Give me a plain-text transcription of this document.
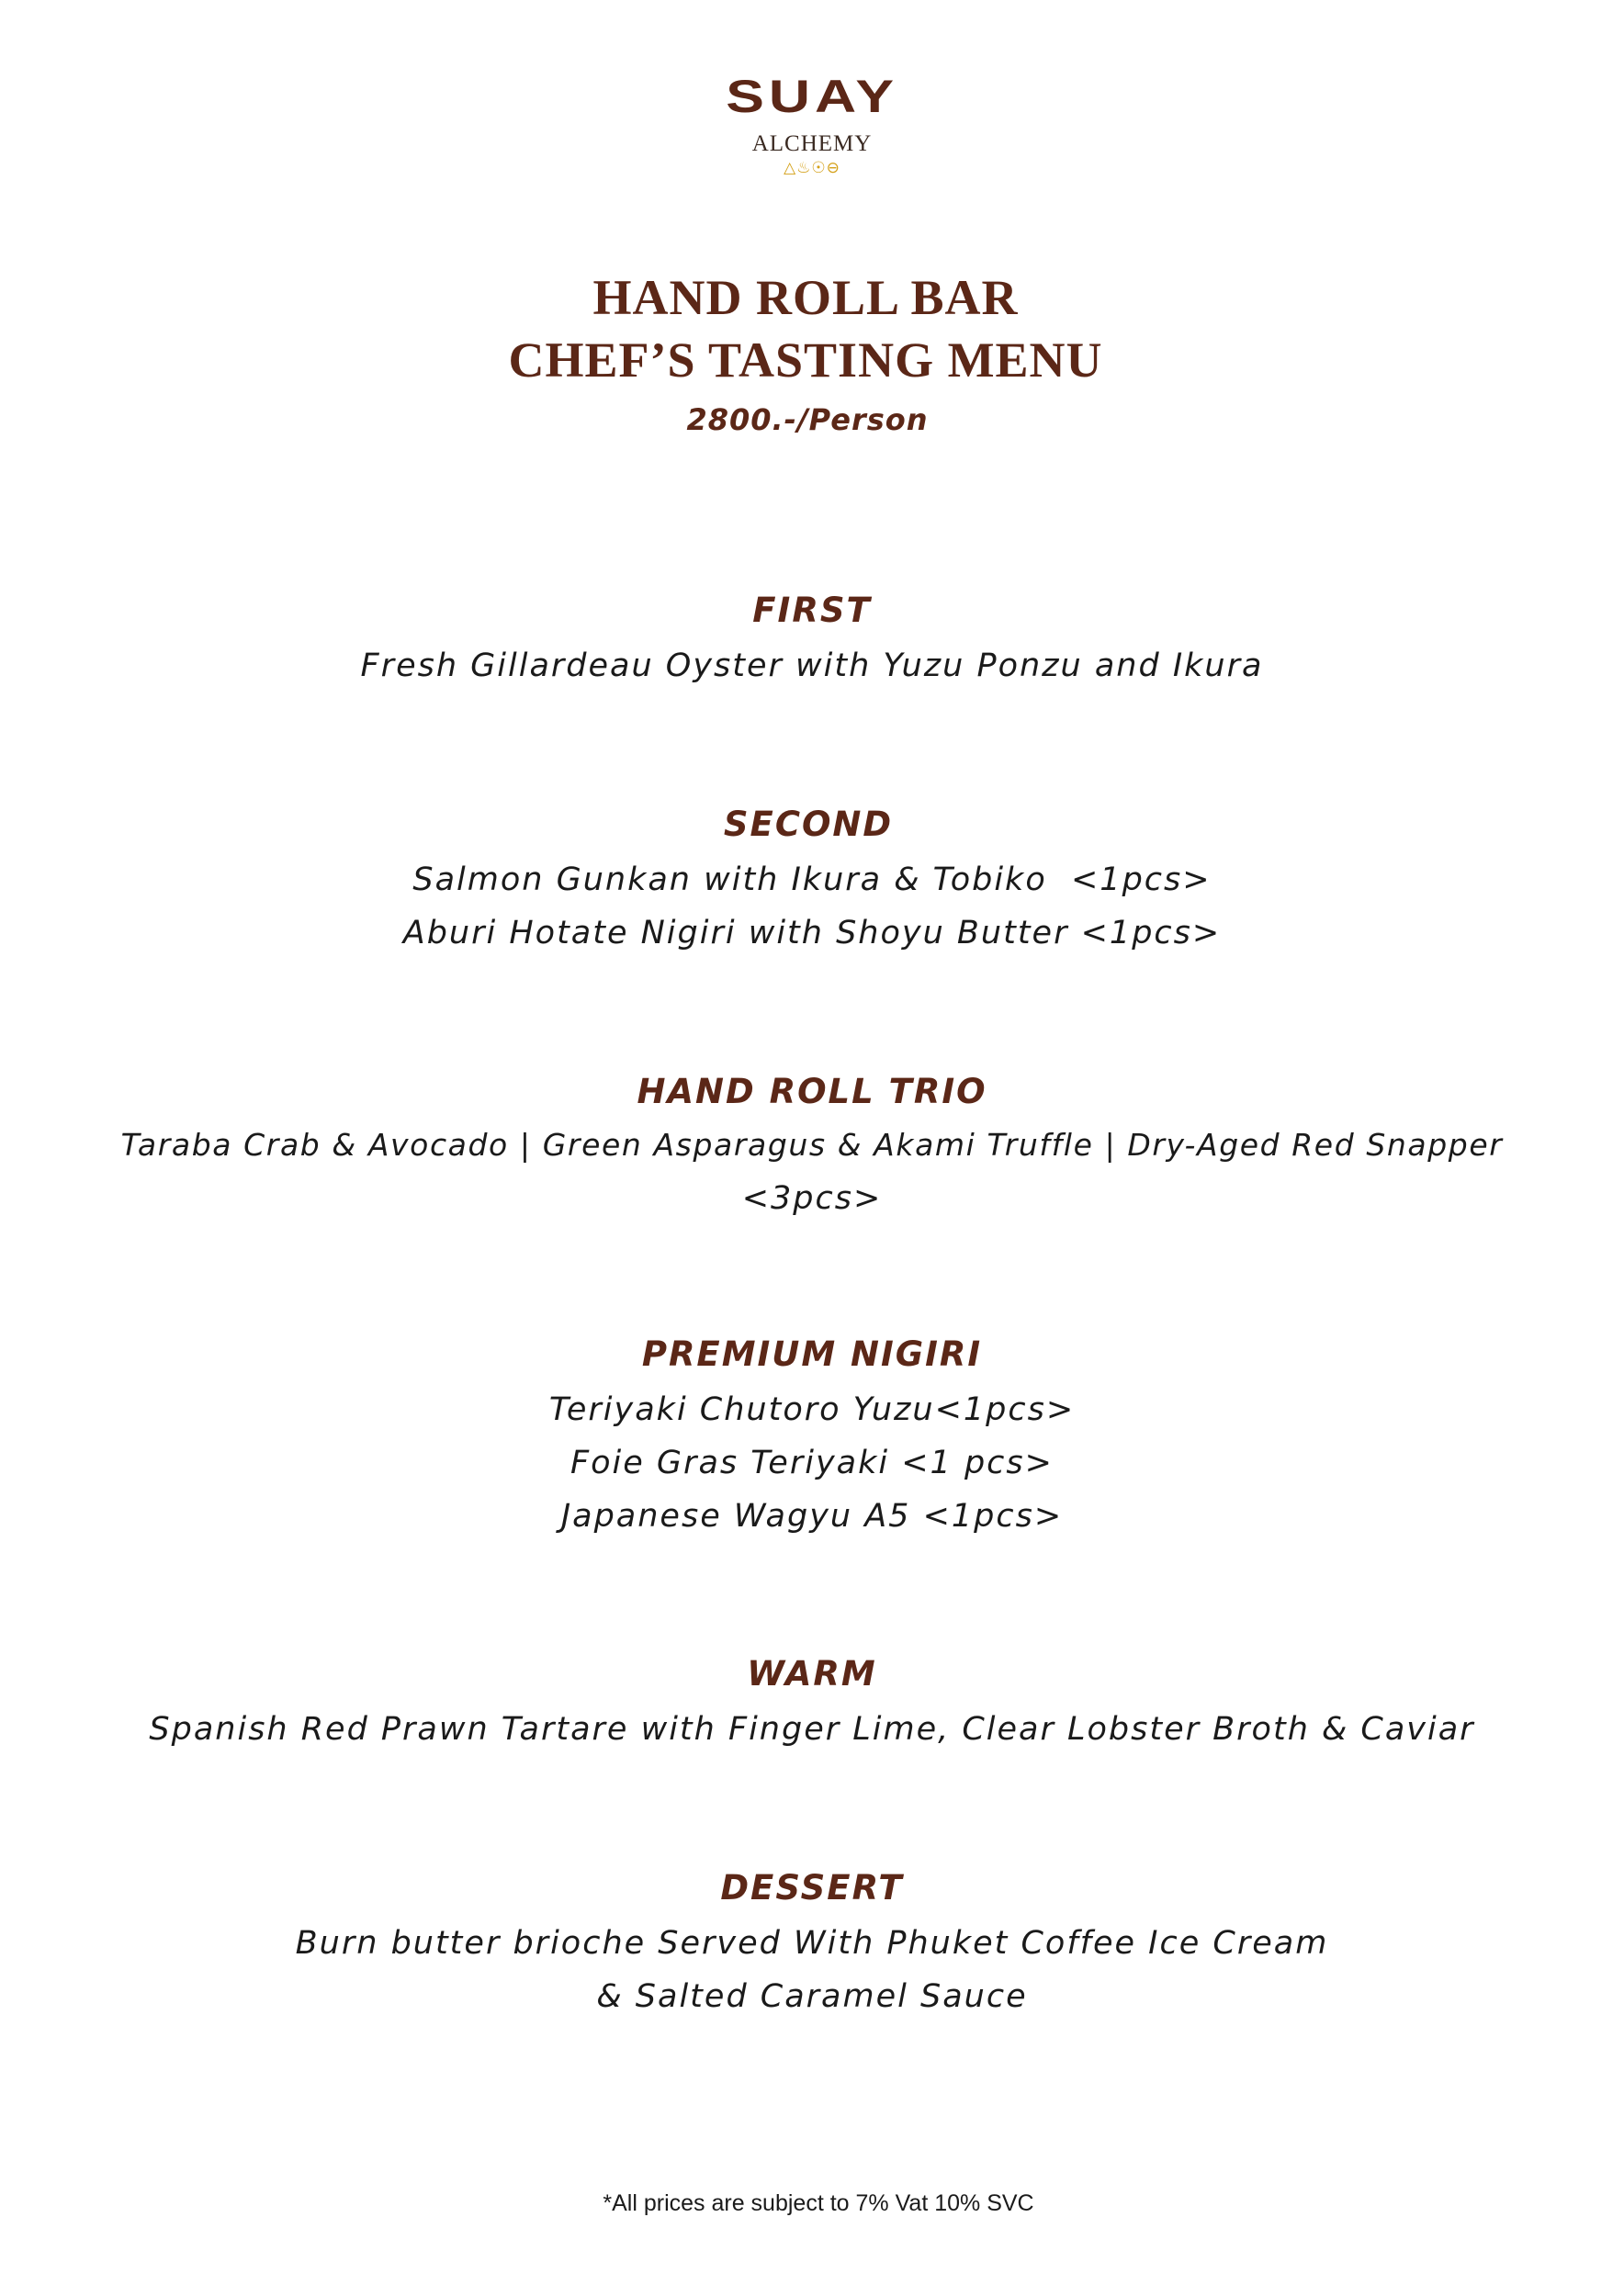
SUAY
ALCHEMY
△♨☉⊖
HAND ROLL BAR
CHEF’S TASTING MENU
2800.-/Person
FIRST
Fresh Gillardeau Oyster with Yuzu Ponzu and Ikura
SECOND
Salmon Gunkan with Ikura & Tobiko  <1pcs>
Aburi Hotate Nigiri with Shoyu Butter <1pcs>
HAND ROLL TRIO
Taraba Crab & Avocado | Green Asparagus & Akami Truffle | Dry-Aged Red Snapper
<3pcs>
PREMIUM NIGIRI
Teriyaki Chutoro Yuzu<1pcs>
Foie Gras Teriyaki <1 pcs>
Japanese Wagyu A5 <1pcs>
WARM
Spanish Red Prawn Tartare with Finger Lime, Clear Lobster Broth & Caviar
DESSERT
Burn butter brioche Served With Phuket Coffee Ice Cream
& Salted Caramel Sauce
*All prices are subject to 7% Vat 10% SVC
